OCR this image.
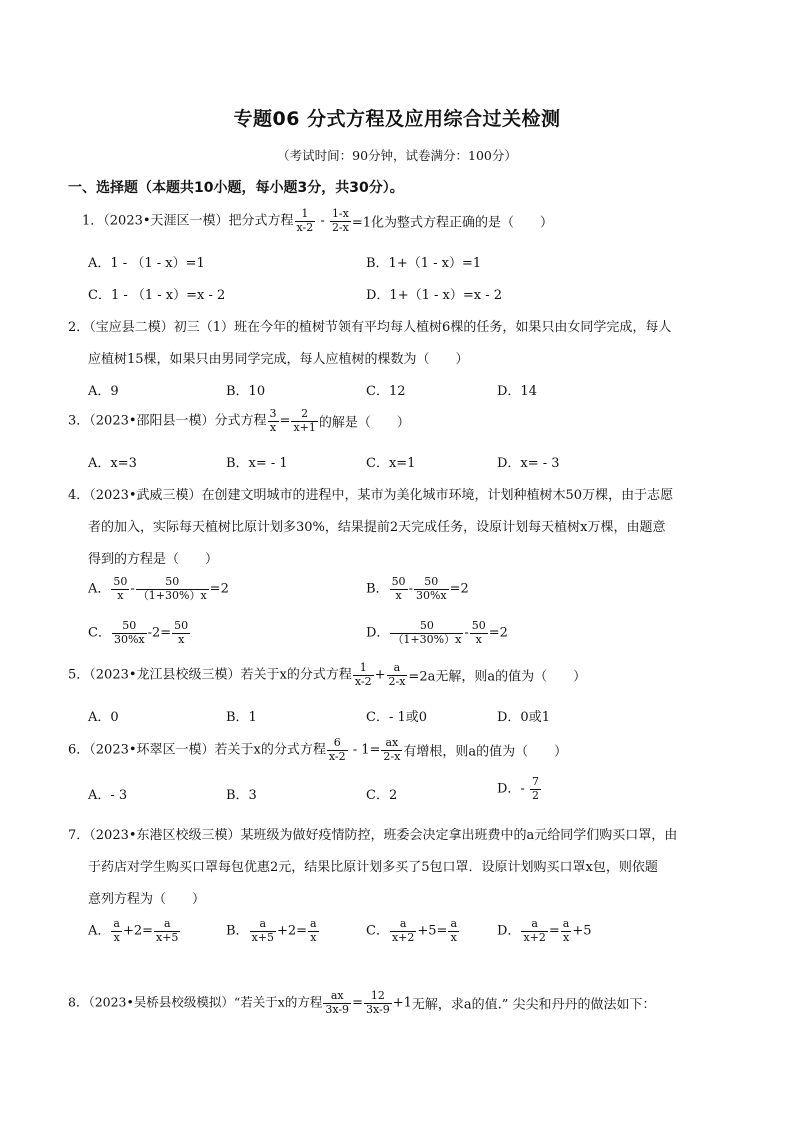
专题06 分式方程及应用综合过关检测
（考试时间：90分钟，试卷满分：100分）
一、选择题（本题共10小题，每小题3分，共30分）。
1．（2023•天涯区一模）把分式方程 $\frac{1}{x-2} - \frac{1-x}{2-x} =1$化为整式方程正确的是（　　）
A．1 - （1 - x）=1	B．1+（1 - x）=1
C．1 - （1 - x）=x - 2	D．1+（1 - x）=x - 2
2．（宝应县二模）初三（1）班在今年的植树节领有平均每人植树6棵的任务，如果只由女同学完成，每人
应植树15棵，如果只由男同学完成，每人应植树的棵数为（　　）
A．9	B．10	C．12	D．14
3．（2023•邵阳县一模）分式方程 $\frac{3}{x} = \frac{2}{x+1}$ 的解是（　　）
A．x=3	B．x= - 1	C．x=1	D．x= - 3
4．（2023•武威三模）在创建文明城市的进程中，某市为美化城市环境，计划种植树木50万棵，由于志愿
者的加入，实际每天植树比原计划多30%，结果提前2天完成任务，设原计划每天植树x万棵，由题意
得到的方程是（　　）
A． $\frac{50}{x} - \frac{50}{(1+30\%)x} =2$	B． $\frac{50}{x} - \frac{50}{30\%x} =2$
C． $\frac{50}{30\%x} -2= \frac{50}{x}$	D． $\frac{50}{(1+30\%)x} - \frac{50}{x} =2$
5．（2023•龙江县校级三模）若关于x的分式方程 $\frac{1}{x-2} + \frac{a}{2-x} =2a$无解，则a的值为（　　）
A．0	B．1	C．- 1或0	D．0或1
6．（2023•环翠区一模）若关于x的分式方程 $\frac{6}{x-2} - 1= \frac{ax}{2-x}$ 有增根，则a的值为（　　）
A．- 3	B．3	C．2	D．- $\frac{7}{2}$
7．（2023•东港区校级三模）某班级为做好疫情防控，班委会决定拿出班费中的a元给同学们购买口罩，由
于药店对学生购买口罩每包优惠2元，结果比原计划多买了5包口罩．设原计划购买口罩x包，则依题
意列方程为（　　）
A． $\frac{a}{x} +2= \frac{a}{x+5}$	B． $\frac{a}{x+5} +2= \frac{a}{x}$	C． $\frac{a}{x+2} +5= \frac{a}{x}$	D． $\frac{a}{x+2} = \frac{a}{x} +5$
8．（2023•吴桥县校级模拟）“若关于x的方程 $\frac{ax}{3x-9} = \frac{12}{3x-9} +1$无解，求a的值.” 尖尖和丹丹的做法如下：
